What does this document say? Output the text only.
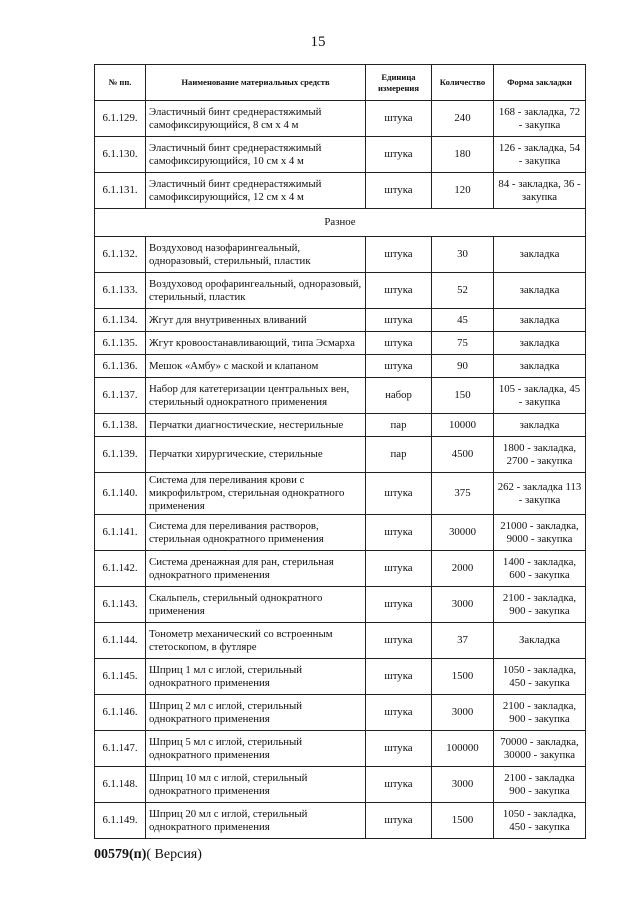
15
№ пп.	Наименование материальных средств	Единица измерения	Количество	Форма закладки
6.1.129.	Эластичный бинт среднерастяжимый самофиксирующийся, 8 см х 4 м	штука	240	168 - закладка, 72 - закупка
6.1.130.	Эластичный бинт среднерастяжимый самофиксирующийся, 10 см х 4 м	штука	180	126 - закладка, 54 - закупка
6.1.131.	Эластичный бинт среднерастяжимый самофиксирующийся, 12 см х 4 м	штука	120	84 - закладка, 36 - закупка
Разное				
6.1.132.	Воздуховод назофарингеальный, одноразовый, стерильный, пластик	штука	30	закладка
6.1.133.	Воздуховод орофарингеальный, одноразовый, стерильный, пластик	штука	52	закладка
6.1.134.	Жгут для внутривенных вливаний	штука	45	закладка
6.1.135.	Жгут кровоостанавливающий, типа Эсмарха	штука	75	закладка
6.1.136.	Мешок «Амбу» с маской и клапаном	штука	90	закладка
6.1.137.	Набор для катетеризации центральных вен, стерильный однократного применения	набор	150	105 - закладка, 45 - закупка
6.1.138.	Перчатки диагностические, нестерильные	пар	10000	закладка
6.1.139.	Перчатки хирургические, стерильные	пар	4500	1800 - закладка, 2700 - закупка
6.1.140.	Система для переливания крови с микрофильтром, стерильная однократного применения	штука	375	262 - закладка 113 - закупка
6.1.141.	Система для переливания растворов, стерильная однократного применения	штука	30000	21000 - закладка, 9000 - закупка
6.1.142.	Система дренажная для ран, стерильная однократного применения	штука	2000	1400 - закладка, 600 - закупка
6.1.143.	Скальпель, стерильный однократного применения	штука	3000	2100 - закладка, 900 - закупка
6.1.144.	Тонометр механический со встроенным стетоскопом, в футляре	штука	37	Закладка
6.1.145.	Шприц 1 мл с иглой, стерильный однократного применения	штука	1500	1050 - закладка, 450 - закупка
6.1.146.	Шприц 2 мл с иглой, стерильный однократного применения	штука	3000	2100 - закладка, 900 - закупка
6.1.147.	Шприц 5 мл с иглой, стерильный однократного применения	штука	100000	70000 - закладка, 30000 - закупка
6.1.148.	Шприц 10 мл с иглой, стерильный однократного применения	штука	3000	2100 - закладка 900 - закупка
6.1.149.	Шприц 20 мл с иглой, стерильный однократного применения	штука	1500	1050 - закладка, 450 - закупка
00579(п)( Версия)
